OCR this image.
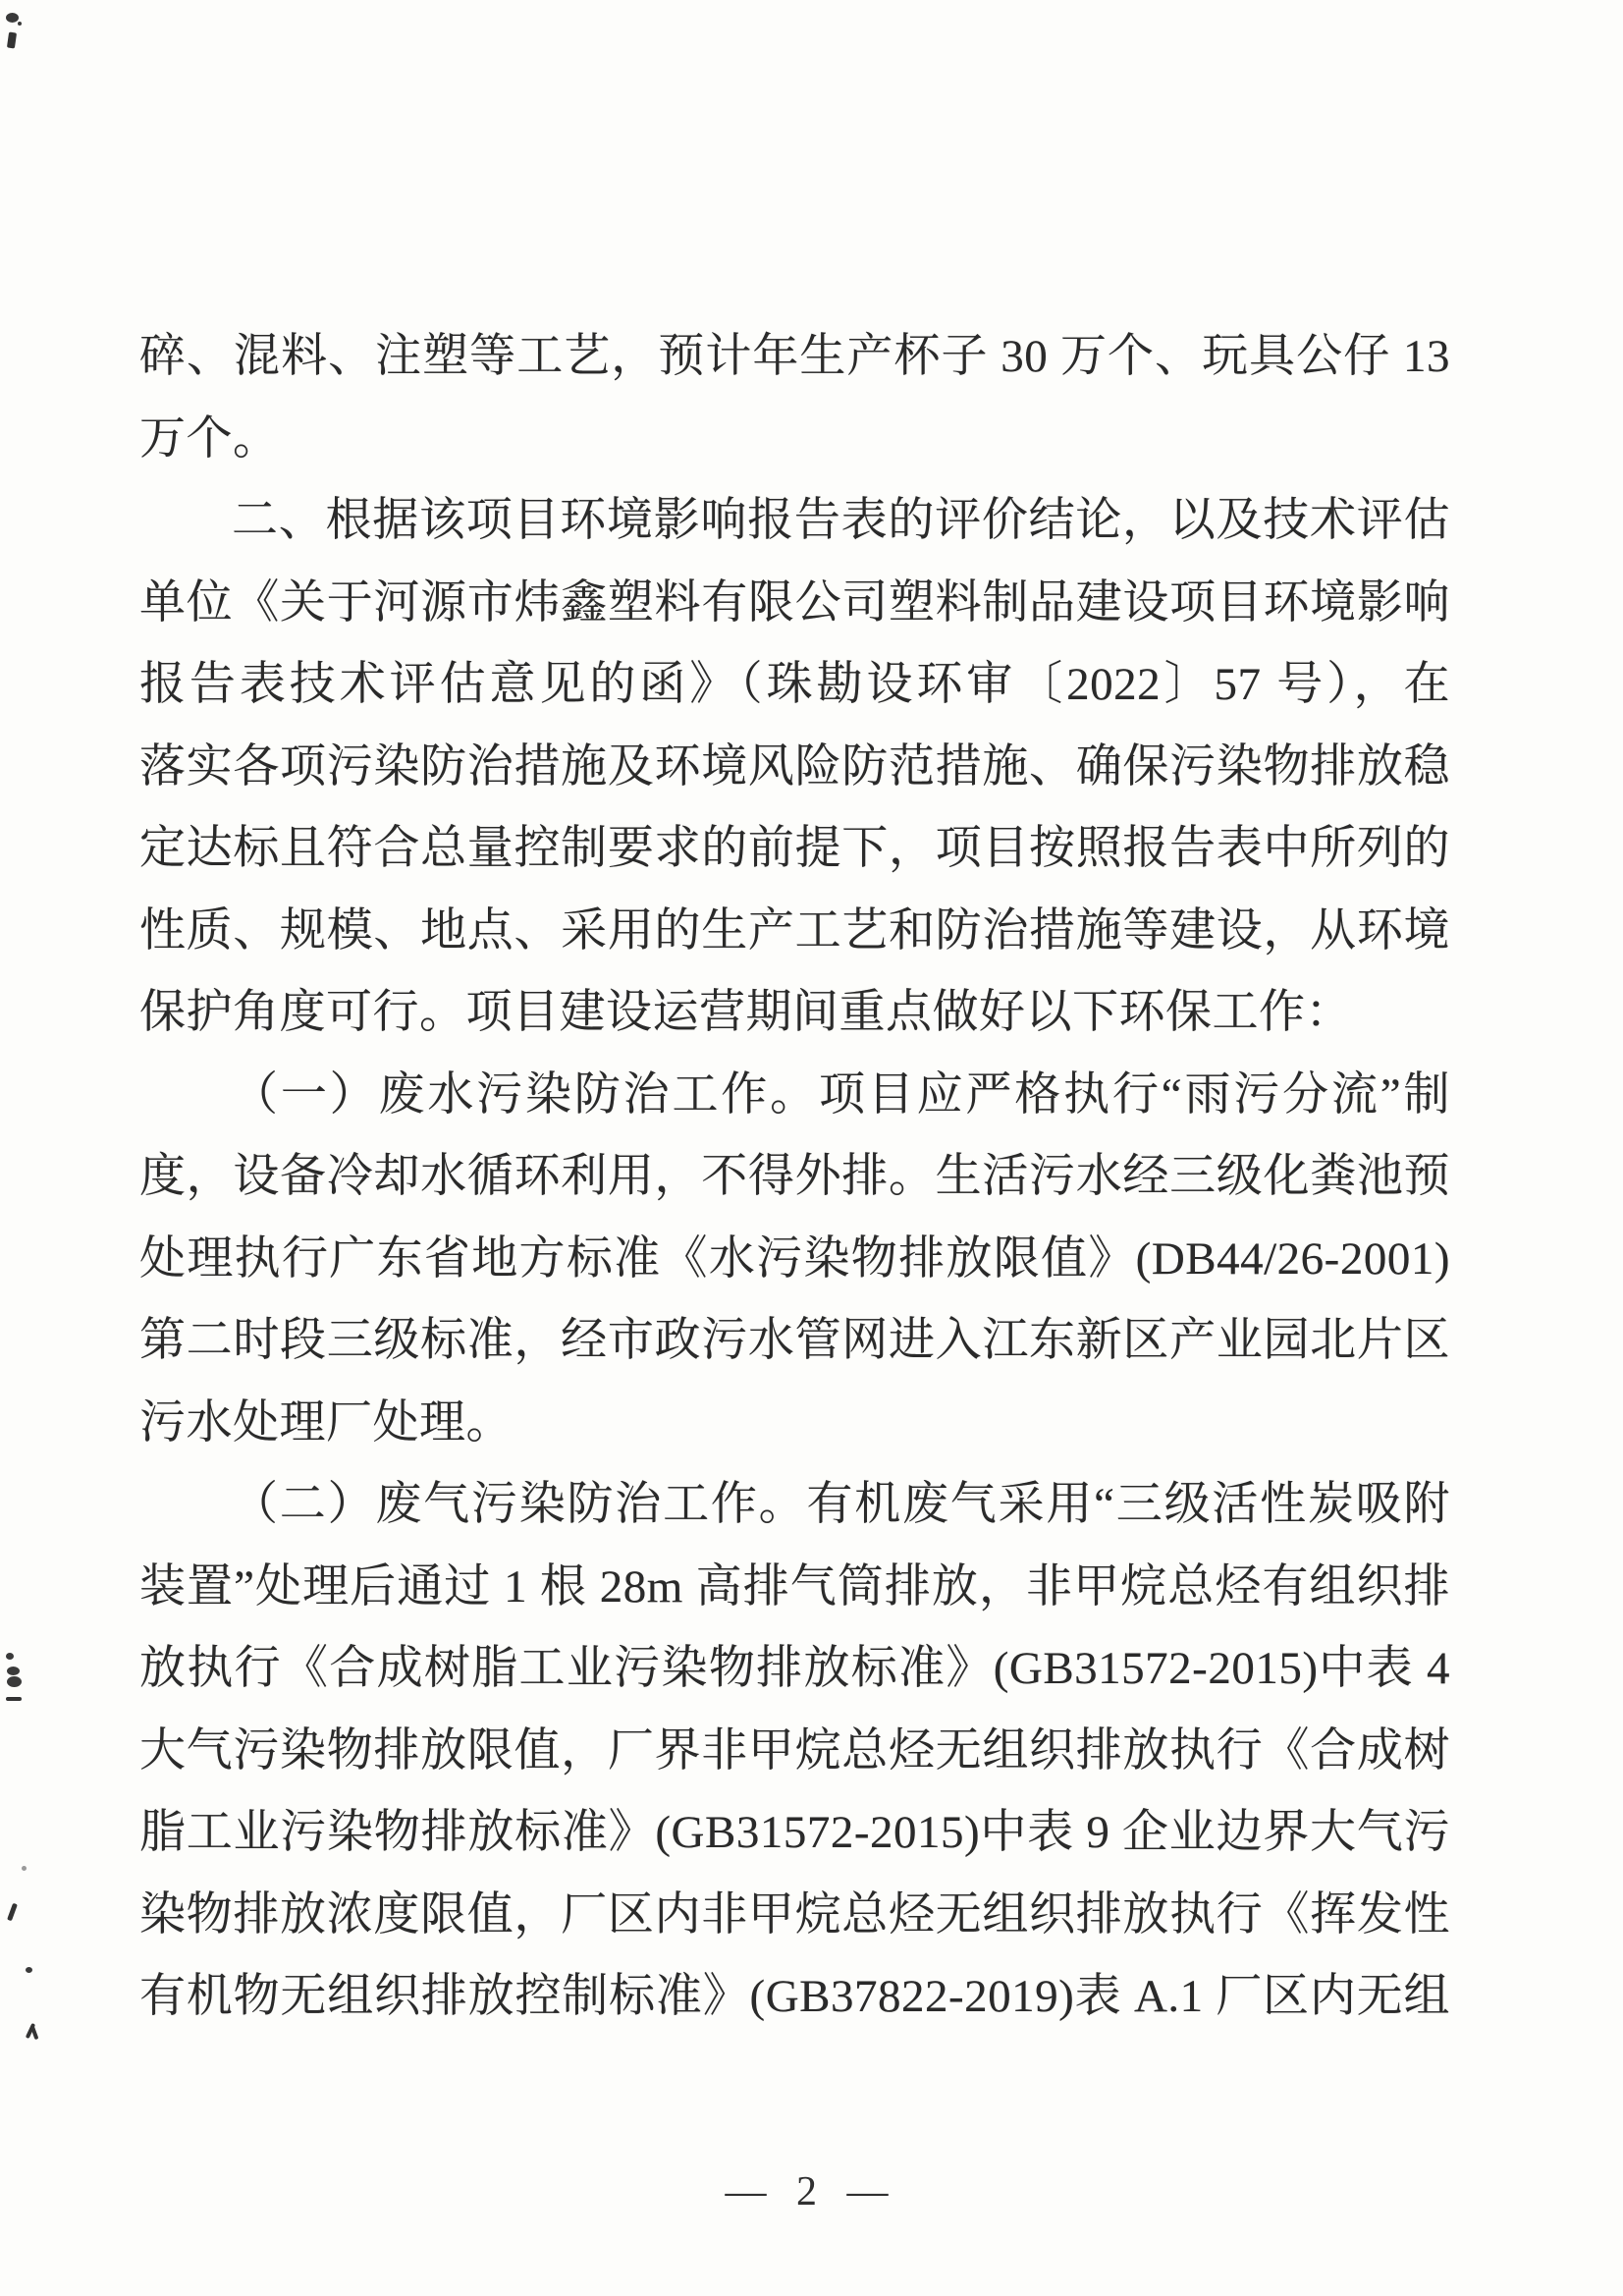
碎、混料、注塑等工艺，预计年生产杯子 30 万个、玩具公仔 13
万个。
二、根据该项目环境影响报告表的评价结论，以及技术评估
单位《关于河源市炜鑫塑料有限公司塑料制品建设项目环境影响
报告表技术评估意见的函》（珠勘设环审〔2022〕57 号），在
落实各项污染防治措施及环境风险防范措施、确保污染物排放稳
定达标且符合总量控制要求的前提下，项目按照报告表中所列的
性质、规模、地点、采用的生产工艺和防治措施等建设，从环境
保护角度可行。项目建设运营期间重点做好以下环保工作：
（一）废水污染防治工作。项目应严格执行“雨污分流”制
度，设备冷却水循环利用，不得外排。生活污水经三级化粪池预
处理执行广东省地方标准《水污染物排放限值》(DB44/26-2001)
第二时段三级标准，经市政污水管网进入江东新区产业园北片区
污水处理厂处理。
（二）废气污染防治工作。有机废气采用“三级活性炭吸附
装置”处理后通过 1 根 28m 高排气筒排放，非甲烷总烃有组织排
放执行《合成树脂工业污染物排放标准》(GB31572-2015)中表 4
大气污染物排放限值，厂界非甲烷总烃无组织排放执行《合成树
脂工业污染物排放标准》(GB31572-2015)中表 9 企业边界大气污
染物排放浓度限值，厂区内非甲烷总烃无组织排放执行《挥发性
有机物无组织排放控制标准》(GB37822-2019)表 A.1 厂区内无组
— 2 —
